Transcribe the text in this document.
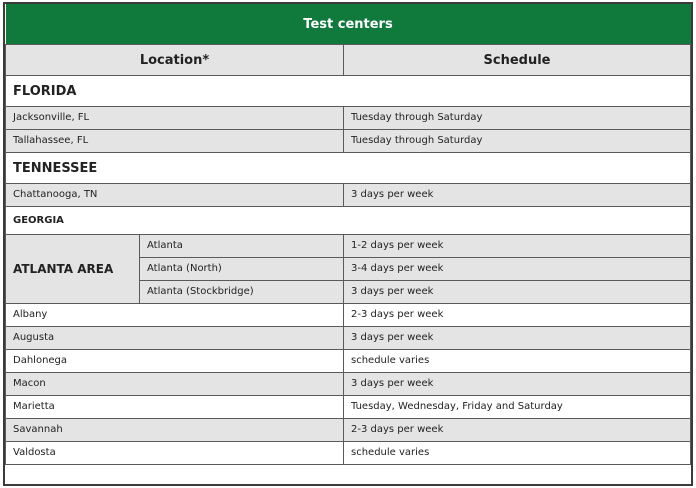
Test centers		
Location*		Schedule
FLORIDA		
Jacksonville, FL		Tuesday through Saturday
Tallahassee, FL		Tuesday through Saturday
TENNESSEE		
Chattanooga, TN		3 days per week
GEORGIA		
ATLANTA AREA	Atlanta	1-2 days per week
	Atlanta (North)	3-4 days per week
	Atlanta (Stockbridge)	3 days per week
Albany		2-3 days per week
Augusta		3 days per week
Dahlonega		schedule varies
Macon		3 days per week
Marietta		Tuesday, Wednesday, Friday and Saturday
Savannah		2-3 days per week
Valdosta		schedule varies
